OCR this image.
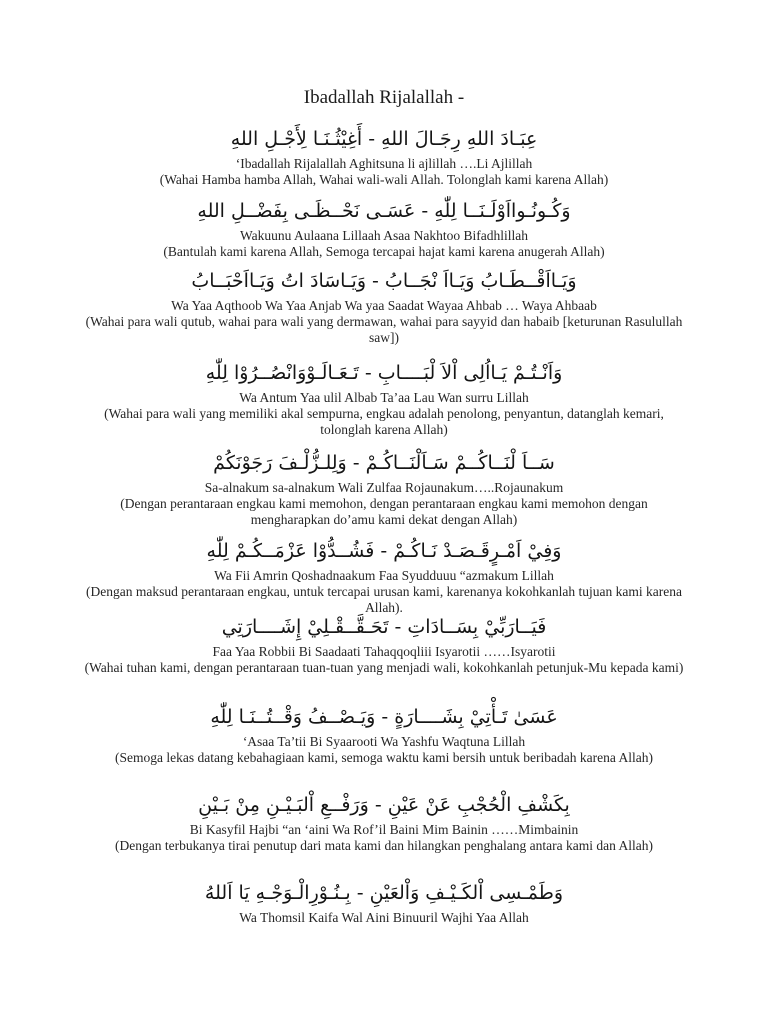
Ibadallah Rijalallah -
عِبَـادَ اللهِ رِجَـالَ اللهِ - أَغِيْثُـنَـا لِأَجْـلِ اللهِ
‘Ibadallah Rijalallah Aghitsuna li ajlillah ….Li Ajlillah
(Wahai Hamba hamba Allah, Wahai wali-wali Allah. Tolonglah kami karena Allah)
وَكُـونُـوااَوْلَـنَــا لِلّٰهِ - عَسَـى نَحْــظَـى بِفَضْــلِ اللهِ
Wakuunu Aulaana Lillaah Asaa Nakhtoo Bifadhlillah
(Bantulah kami karena Allah, Semoga tercapai hajat kami karena anugerah Allah)
وَيَـااَقْــطَـابُ وَيَـااَ نْجَــابُ - وَيَـاسَادَ اتُ وَيَـااَحْبَــابُ
Wa Yaa Aqthoob Wa Yaa Anjab Wa yaa Saadat Wayaa Ahbab … Waya Ahbaab
(Wahai para wali qutub, wahai para wali yang dermawan, wahai para sayyid dan habaib [keturunan Rasulullah saw])
وَاَنْـتُـمْ يَـااُلِى اْلاَ لْبَــــابِ - تَـعَـالَـوْوَانْصُــرُوْا لِلّٰهِ
Wa Antum Yaa ulil Albab Ta’aa Lau Wan surru Lillah
(Wahai para wali yang memiliki akal sempurna, engkau adalah penolong, penyantun, datanglah kemari, tolonglah karena Allah)
سَــاَ لْنَــاكُــمْ سَـاَلْنَــاكُـمْ - وَلِلـزُّلْـفَ رَجَوْنَكُمْ
Sa-alnakum sa-alnakum Wali Zulfaa Rojaunakum…..Rojaunakum
(Dengan perantaraan engkau kami memohon, dengan perantaraan engkau kami memohon dengan mengharapkan do’amu kami dekat dengan Allah)
وَفِيْ اَمْـرٍقَـصَـدْ نَـاكُـمْ - فَشُــدُّوْا عَزْمَــكُـمْ لِلّٰهِ
Wa Fii Amrin Qoshadnaakum Faa Syudduuu “azmakum Lillah
(Dengan maksud perantaraan engkau, untuk tercapai urusan kami, karenanya kokohkanlah tujuan kami karena Allah).
فَيَــارَبِّيْ بِسَــادَاتِ - تَحَـقَّــقْـلِيْ إِشَــــارَتِي
Faa Yaa Robbii Bi Saadaati Tahaqqoqliii Isyarotii ……Isyarotii
(Wahai tuhan kami, dengan perantaraan tuan-tuan yang menjadi wali, kokohkanlah petunjuk-Mu kepada kami)
عَسَىٰ تَـأْتِيْ بِشَــــارَةٍ - وَيَـصْــفُ وَقْــتُــنَـا لِلّٰهِ
‘Asaa Ta’tii Bi Syaarooti Wa Yashfu Waqtuna Lillah
(Semoga lekas datang kebahagiaan kami, semoga waktu kami bersih untuk beribadah karena Allah)
بِكَشْفِ الْحُجْبِ عَنْ عَيْنِ - وَرَفْــعِ اْلبَـيْـنِ مِنْ بَـيْنِ
Bi Kasyfil Hajbi “an ‘aini Wa Rof’il Baini Mim Bainin ……Mimbainin
(Dengan terbukanya tirai penutup dari mata kami dan hilangkan penghalang antara kami dan Allah)
وَطَمْـسِى اْلكَـيْـفِ وَاْلعَيْنِ - بِـنُـوْرِالْـوَجْـهِ يَا اَللهُ
Wa Thomsil Kaifa Wal Aini Binuuril Wajhi Yaa Allah
